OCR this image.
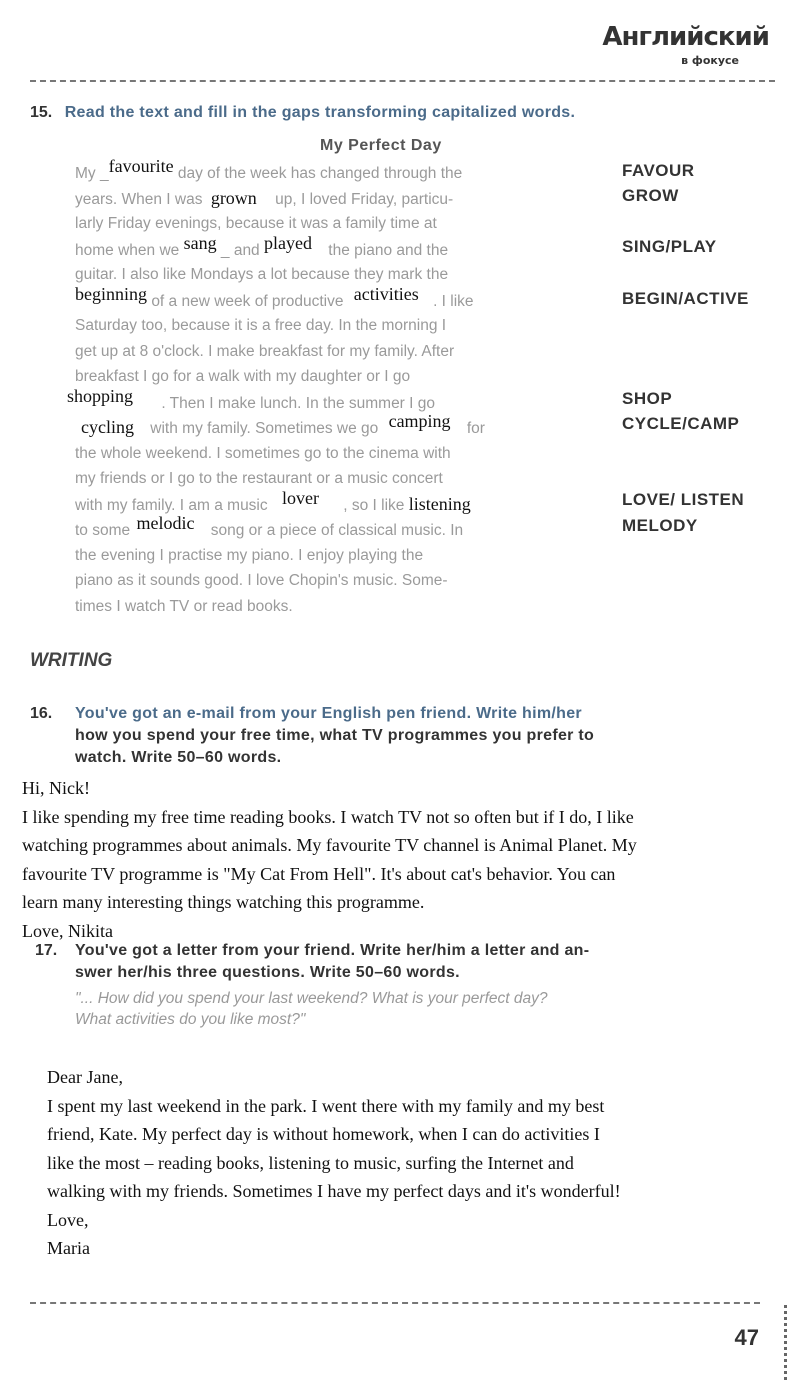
Английский
в фокусе
15. Read the text and fill in the gaps transforming capitalized words.
My Perfect Day
My _favourite day of the week has changed through the
years. When I was grown up, I loved Friday, particu-
larly Friday evenings, because it was a family time at
home when we sang _ and played the piano and the
guitar. I also like Mondays a lot because they mark the
beginning of a new week of productive activities . I like
Saturday too, because it is a free day. In the morning I
get up at 8 o'clock. I make breakfast for my family. After
breakfast I go for a walk with my daughter or I go
shopping . Then I make lunch. In the summer I go
cycling with my family. Sometimes we go camping for
the whole weekend. I sometimes go to the cinema with
my friends or I go to the restaurant or a music concert
with my family. I am a music lover , so I like listening
to some melodic song or a piece of classical music. In
the evening I practise my piano. I enjoy playing the
piano as it sounds good. I love Chopin's music. Some-
times I watch TV or read books.
FAVOUR
GROW
SING/PLAY
BEGIN/ACTIVE
SHOP
CYCLE/CAMP
LOVE/ LISTEN
MELODY
WRITING
16.	You've got an e-mail from your English pen friend. Write him/her
how you spend your free time, what TV programmes you prefer to
watch. Write 50–60 words.
Hi, Nick!
I like spending my free time reading books. I watch TV not so often but if I do, I like
watching programmes about animals. My favourite TV channel is Animal Planet. My
favourite TV programme is "My Cat From Hell". It's about cat's behavior. You can
learn many interesting things watching this programme.
Love, Nikita
17.	You've got a letter from your friend. Write her/him a letter and an-
swer her/his three questions. Write 50–60 words.
"... How did you spend your last weekend? What is your perfect day?
What activities do you like most?"
Dear Jane,
I spent my last weekend in the park. I went there with my family and my best
friend, Kate. My perfect day is without homework, when I can do activities I
like the most – reading books, listening to music, surfing the Internet and
walking with my friends. Sometimes I have my perfect days and it's wonderful!
Love,
Maria
47
